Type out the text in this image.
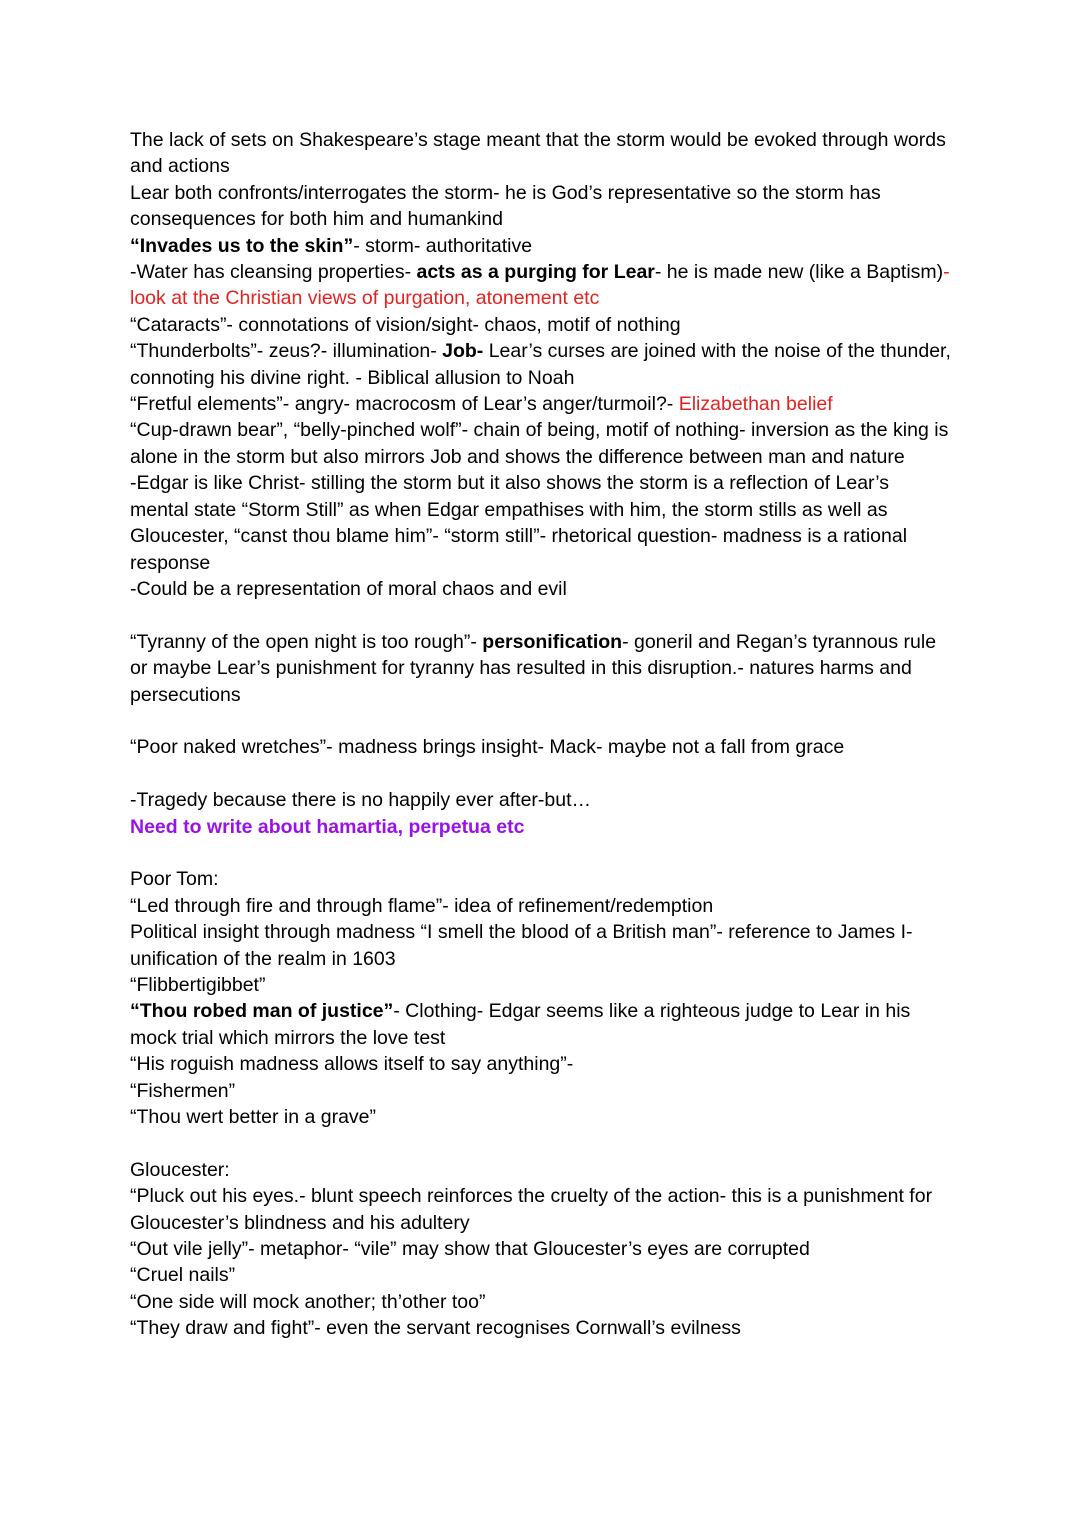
The lack of sets on Shakespeare’s stage meant that the storm would be evoked through words and actions

Lear both confronts/interrogates the storm- he is God’s representative so the storm has consequences for both him and humankind

“Invades us to the skin”- storm- authoritative

-Water has cleansing properties- acts as a purging for Lear- he is made new (like a Baptism)- look at the Christian views of purgation, atonement etc

“Cataracts”- connotations of vision/sight- chaos, motif of nothing

“Thunderbolts”- zeus?- illumination- Job- Lear’s curses are joined with the noise of the thunder, connoting his divine right. - Biblical allusion to Noah

“Fretful elements”- angry- macrocosm of Lear’s anger/turmoil?- Elizabethan belief

“Cup-drawn bear”, “belly-pinched wolf”- chain of being, motif of nothing- inversion as the king is alone in the storm but also mirrors Job and shows the difference between man and nature

-Edgar is like Christ- stilling the storm but it also shows the storm is a reflection of Lear’s mental state “Storm Still” as when Edgar empathises with him, the storm stills as well as Gloucester, “canst thou blame him”- “storm still”- rhetorical question- madness is a rational response

-Could be a representation of moral chaos and evil

“Tyranny of the open night is too rough”- personification- goneril and Regan’s tyrannous rule or maybe Lear’s punishment for tyranny has resulted in this disruption.- natures harms and persecutions

“Poor naked wretches”- madness brings insight- Mack- maybe not a fall from grace

-Tragedy because there is no happily ever after-but…

Need to write about hamartia, perpetua etc

Poor Tom:

“Led through fire and through flame”- idea of refinement/redemption

Political insight through madness “I smell the blood of a British man”- reference to James I- unification of the realm in 1603

“Flibbertigibbet”

“Thou robed man of justice”- Clothing- Edgar seems like a righteous judge to Lear in his mock trial which mirrors the love test

“His roguish madness allows itself to say anything”-

“Fishermen”

“Thou wert better in a grave”

Gloucester:

“Pluck out his eyes.- blunt speech reinforces the cruelty of the action- this is a punishment for Gloucester’s blindness and his adultery

“Out vile jelly”- metaphor- “vile” may show that Gloucester’s eyes are corrupted

“Cruel nails”

“One side will mock another; th’other too”

“They draw and fight”- even the servant recognises Cornwall’s evilness
